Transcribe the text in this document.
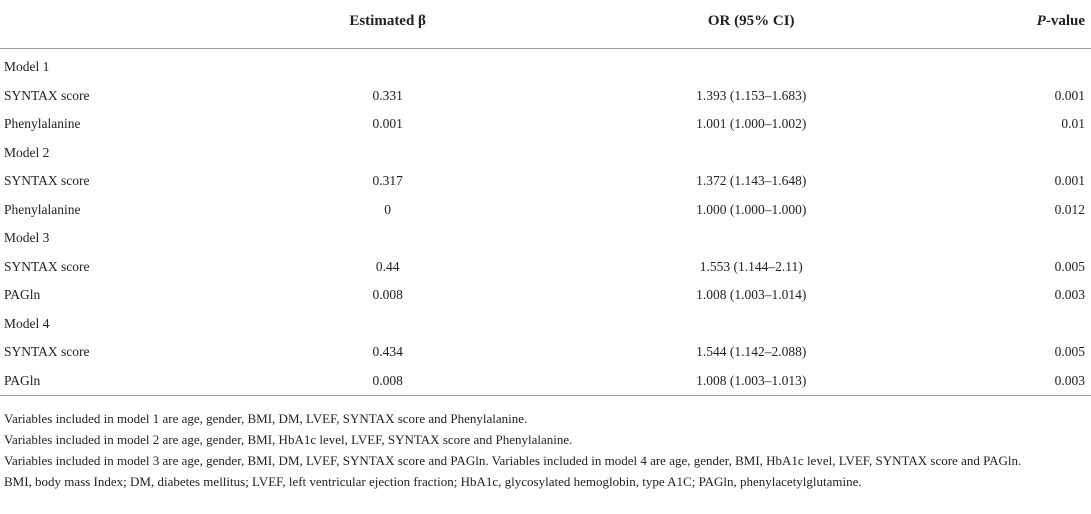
	Estimated β	OR (95% CI)	P-value
Model 1			
SYNTAX score	0.331	1.393 (1.153–1.683)	0.001
Phenylalanine	0.001	1.001 (1.000–1.002)	0.01
Model 2			
SYNTAX score	0.317	1.372 (1.143–1.648)	0.001
Phenylalanine	0	1.000 (1.000–1.000)	0.012
Model 3			
SYNTAX score	0.44	1.553 (1.144–2.11)	0.005
PAGln	0.008	1.008 (1.003–1.014)	0.003
Model 4			
SYNTAX score	0.434	1.544 (1.142–2.088)	0.005
PAGln	0.008	1.008 (1.003–1.013)	0.003

Variables included in model 1 are age, gender, BMI, DM, LVEF, SYNTAX score and Phenylalanine.

Variables included in model 2 are age, gender, BMI, HbA1c level, LVEF, SYNTAX score and Phenylalanine.

Variables included in model 3 are age, gender, BMI, DM, LVEF, SYNTAX score and PAGln. Variables included in model 4 are age, gender, BMI, HbA1c level, LVEF, SYNTAX score and PAGln.

BMI, body mass Index; DM, diabetes mellitus; LVEF, left ventricular ejection fraction; HbA1c, glycosylated hemoglobin, type A1C; PAGln, phenylacetylglutamine.
